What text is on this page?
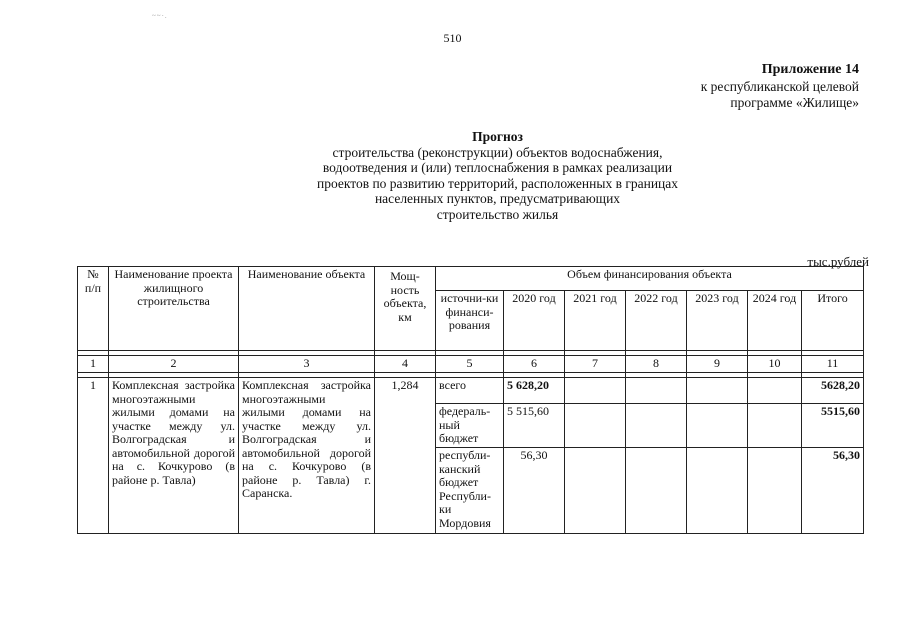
~~·.
510
Приложение 14
к республиканской целевой
программе «Жилище»
Прогноз
строительства (реконструкции) объектов водоснабжения,
водоотведения и (или) теплоснабжения в рамках реализации
проектов по развитию территорий, расположенных в границах
населенных пунктов, предусматривающих
строительство жилья
тыс.рублей
№ п/п	Наименование проекта жилищного строительства	Наименование объекта	Мощ-ность объекта, км	Объем финансирования объекта						
				источни-ки финанси-рования	2020 год	2021 год	2022 год	2023 год	2024 год	Итого

1	2	3	4	5	6	7	8	9	10	11

1	Комплексная застройка многоэтажными жилыми домами на участке между ул. Волгоградская и автомобильной дорогой на с. Кочкурово (в районе р. Тавла)	Комплексная застройка многоэтажными жилыми домами на участке между ул. Волгоградская и автомобильной дорогой на с. Кочкурово (в районе р. Тавла) г. Саранска.	1,284	всего	5 628,20					5628,20
				федераль-ный бюджет	5 515,60					5515,60
				республи-канский бюджет Республи-ки Мордовия	56,30					56,30
